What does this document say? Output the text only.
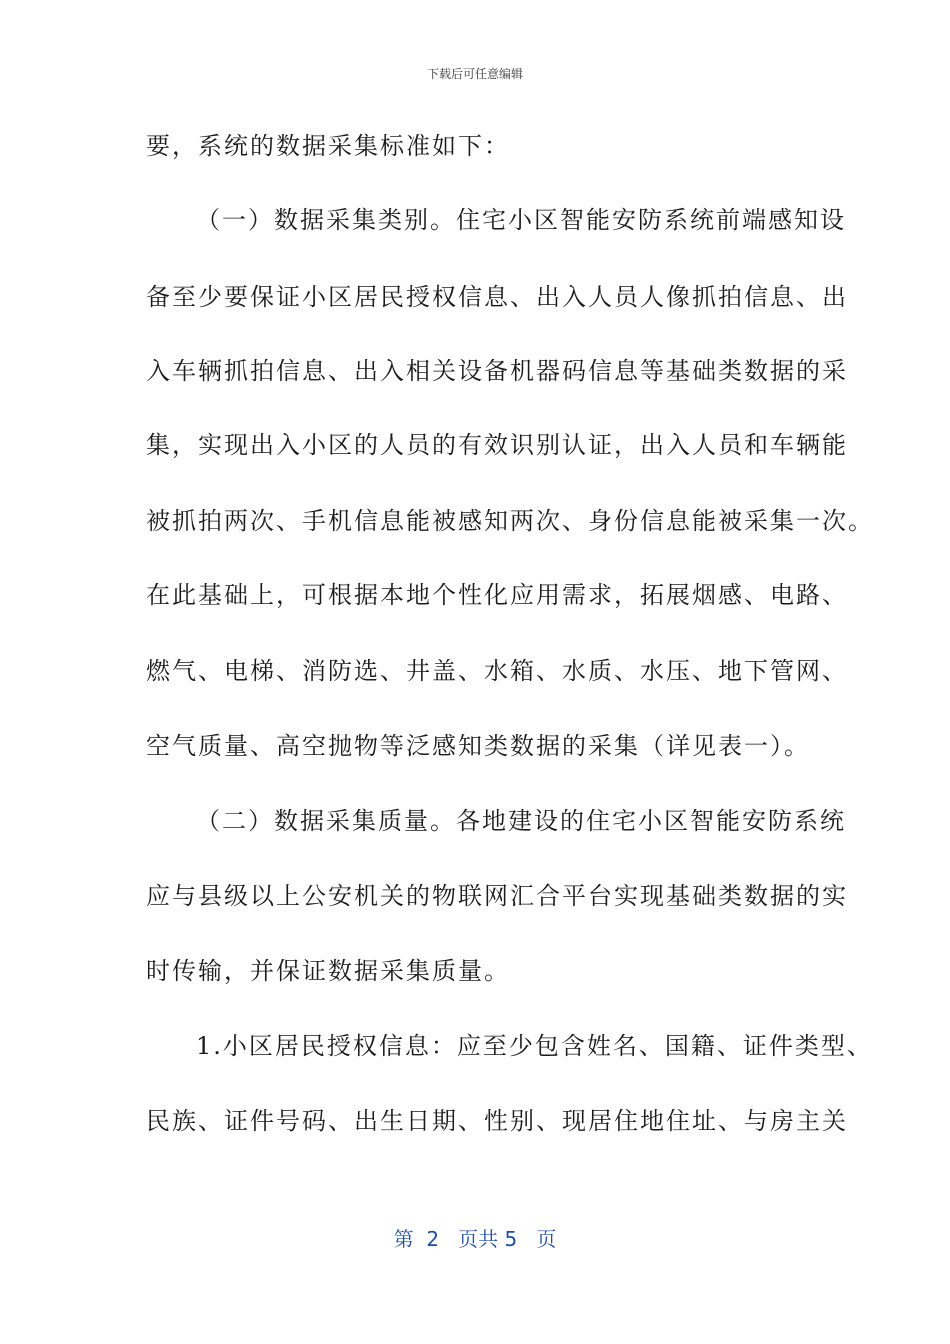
下载后可任意编辑
要，系统的数据采集标准如下：
（一）数据采集类别。住宅小区智能安防系统前端感知设
备至少要保证小区居民授权信息、出入人员人像抓拍信息、出
入车辆抓拍信息、出入相关设备机器码信息等基础类数据的采
集，实现出入小区的人员的有效识别认证，出入人员和车辆能
被抓拍两次、手机信息能被感知两次、身份信息能被采集一次。
在此基础上，可根据本地个性化应用需求，拓展烟感、电路、
燃气、电梯、消防选、井盖、水箱、水质、水压、地下管网、
空气质量、高空抛物等泛感知类数据的采集（详见表一）。
（二）数据采集质量。各地建设的住宅小区智能安防系统
应与县级以上公安机关的物联网汇合平台实现基础类数据的实
时传输，并保证数据采集质量。
1.小区居民授权信息：应至少包含姓名、国籍、证件类型、
民族、证件号码、出生日期、性别、现居住地住址、与房主关
第  2   页共 5   页
